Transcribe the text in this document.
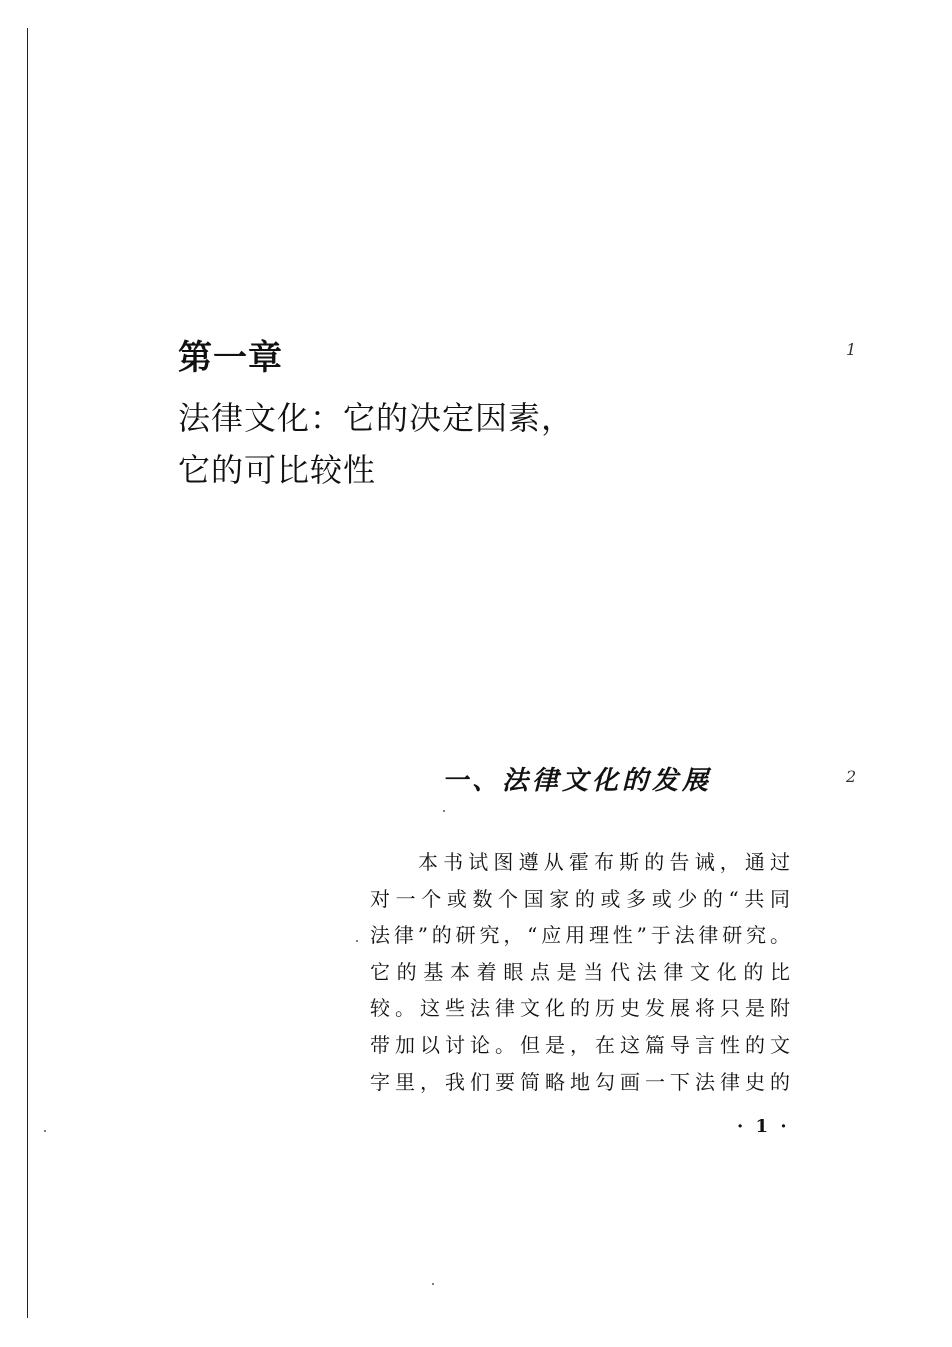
第一章
法律文化：它的决定因素，
它的可比较性
1
2
一、法律文化的发展
本书试图遵从霍布斯的告诫，通过
对一个或数个国家的或多或少的“共同
法律”的研究，“应用理性”于法律研究。
它的基本着眼点是当代法律文化的比
较。这些法律文化的历史发展将只是附
带加以讨论。但是，在这篇导言性的文
字里，我们要简略地勾画一下法律史的
· 1 ·
